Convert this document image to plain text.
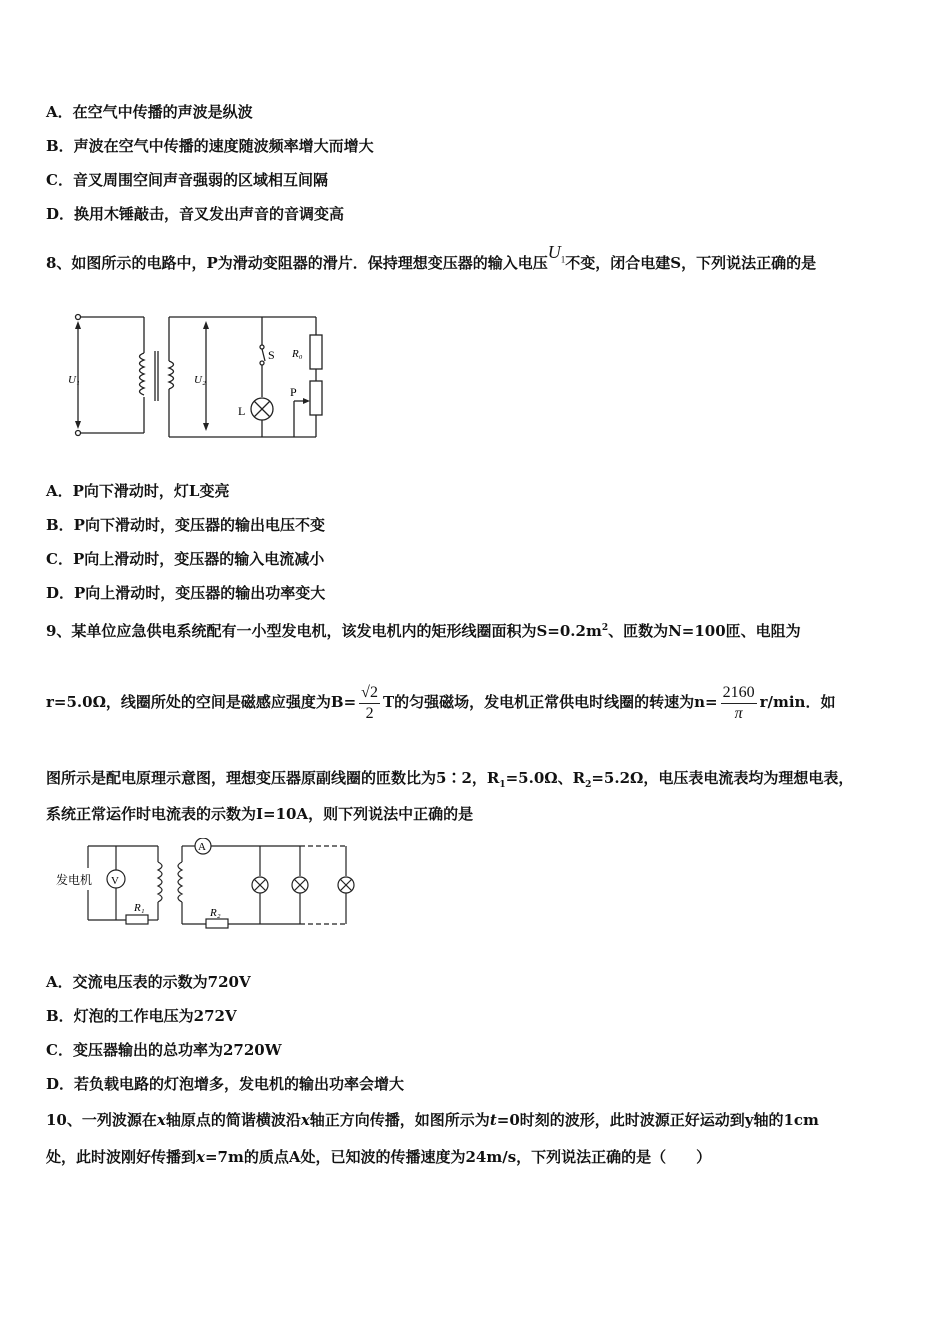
A．在空气中传播的声波是纵波
B．声波在空气中传播的速度随波频率增大而增大
C．音叉周围空间声音强弱的区域相互间隔
D．换用木锤敲击，音叉发出声音的音调变高
8、如图所示的电路中，P为滑动变阻器的滑片．保持理想变压器的输入电压$U_1$不变，闭合电建S，下列说法正确的是
U₁	U₂
S R₀
P
L
A．P向下滑动时，灯L变亮
B．P向下滑动时，变压器的输出电压不变
C．P向上滑动时，变压器的输入电流减小
D．P向上滑动时，变压器的输出功率变大
9、某单位应急供电系统配有一小型发电机，该发电机内的矩形线圈面积为$S=0.2m^2$、匝数为N=100匝、电阻为
r=5.0Ω，线圈所处的空间是磁感应强度为$B= \frac{√2}{2}$ T的匀强磁场，发电机正常供电时线圈的转速为$n= \frac{2160}{\pi} r/\min$．如
图所示是配电原理示意图，理想变压器原副线圈的匝数比为5∶2，$R_1=5.0\Omega$、$R_2=5.2\Omega$，电压表电流表均为理想电表，
系统正常运作时电流表的示数为I=10A，则下列说法中正确的是
发电机 V
A
R₁	R₂
A．交流电压表的示数为720V
B．灯泡的工作电压为272V
C．变压器输出的总功率为2720W
D．若负载电路的灯泡增多，发电机的输出功率会增大
10、一列波源在x轴原点的简谐横波沿x轴正方向传播，如图所示为t=0时刻的波形，此时波源正好运动到y轴的1cm
处，此时波刚好传播到x=7m的质点A处，已知波的传播速度为24m/s，下列说法正确的是（　　）
